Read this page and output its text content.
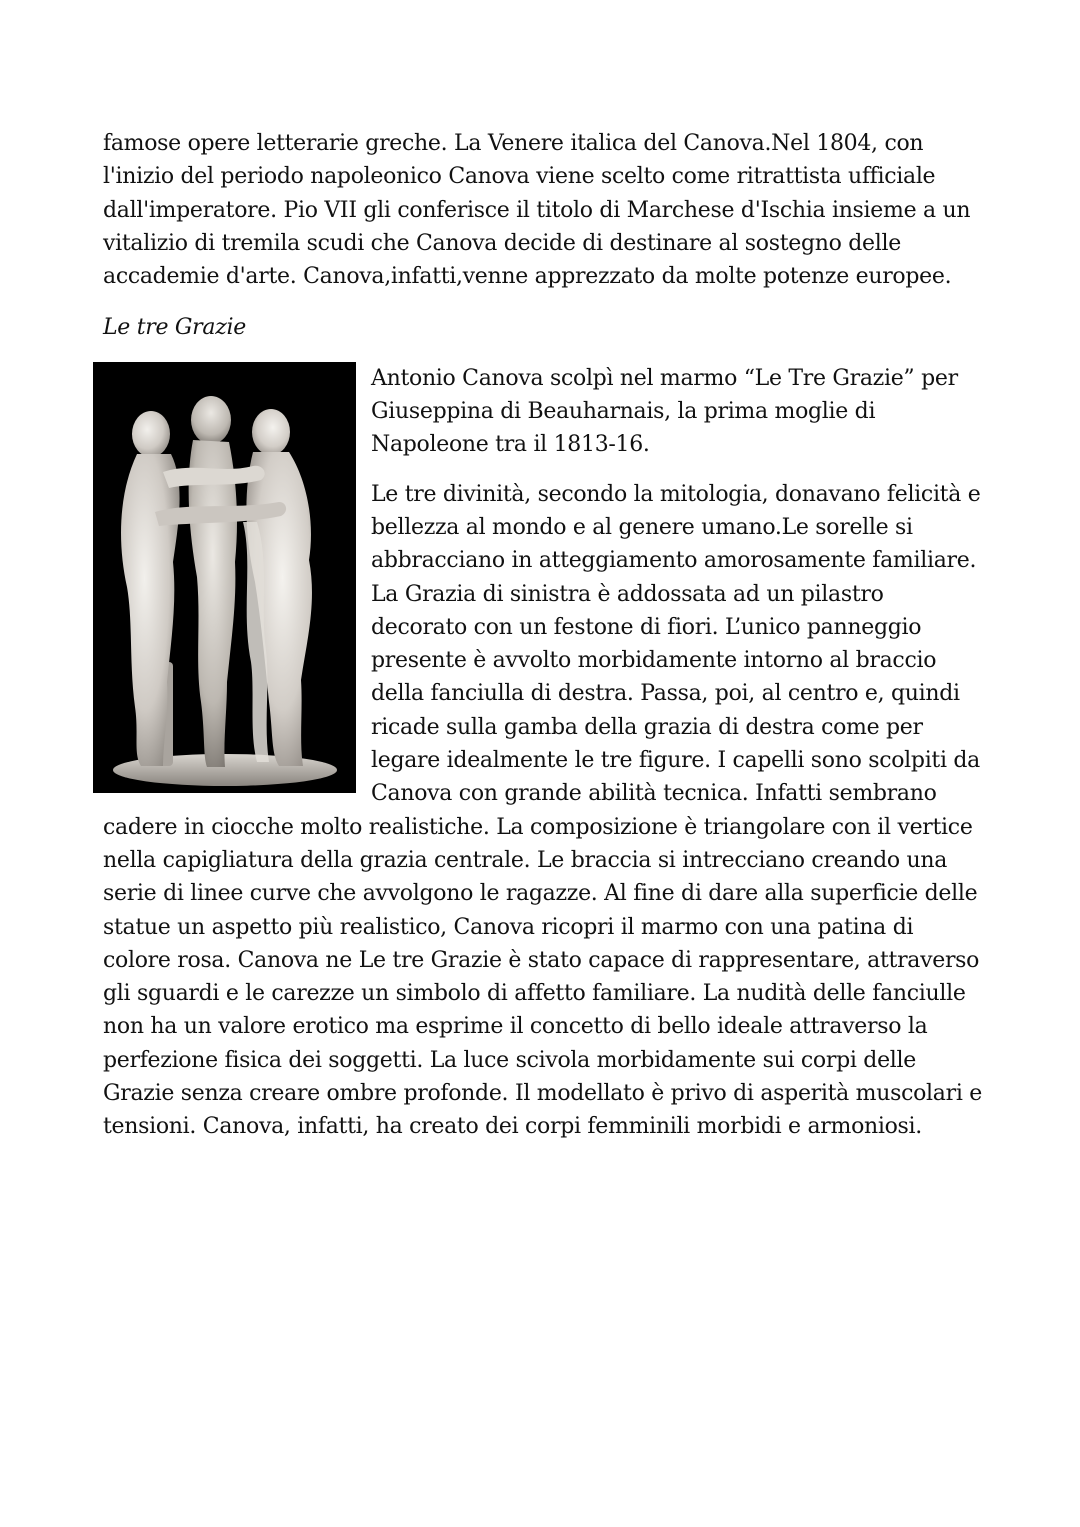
famose opere letterarie greche. La Venere italica del Canova.Nel 1804, con l'inizio del periodo napoleonico Canova viene scelto come ritrattista ufficiale dall'imperatore. Pio VII gli conferisce il titolo di Marchese d'Ischia insieme a un vitalizio di tremila scudi che Canova decide di destinare al sostegno delle accademie d'arte. Canova,infatti,venne apprezzato da molte potenze europee.

Le tre Grazie

Antonio Canova scolpì nel marmo “Le Tre Grazie” per Giuseppina di Beauharnais, la prima moglie di Napoleone tra il 1813-16.

Le tre divinità, secondo la mitologia, donavano felicità e bellezza al mondo e al genere umano.Le sorelle si abbracciano in atteggiamento amorosamente familiare. La Grazia di sinistra è addossata ad un pilastro decorato con un festone di fiori. L’unico panneggio presente è avvolto morbidamente intorno al braccio della fanciulla di destra. Passa, poi, al centro e, quindi ricade sulla gamba della grazia di destra come per legare idealmente le tre figure. I capelli sono scolpiti da Canova con grande abilità tecnica. Infatti sembrano cadere in ciocche molto realistiche. La composizione è triangolare con il vertice nella capigliatura della grazia centrale. Le braccia si intrecciano creando una serie di linee curve che avvolgono le ragazze. Al fine di dare alla superficie delle statue un aspetto più realistico, Canova ricopri il marmo con una patina di colore rosa. Canova ne Le tre Grazie è stato capace di rappresentare, attraverso gli sguardi e le carezze un simbolo di affetto familiare. La nudità delle fanciulle non ha un valore erotico ma esprime il concetto di bello ideale attraverso la perfezione fisica dei soggetti. La luce scivola morbidamente sui corpi delle Grazie senza creare ombre profonde. Il modellato è privo di asperità muscolari e tensioni. Canova, infatti, ha creato dei corpi femminili morbidi e armoniosi.
